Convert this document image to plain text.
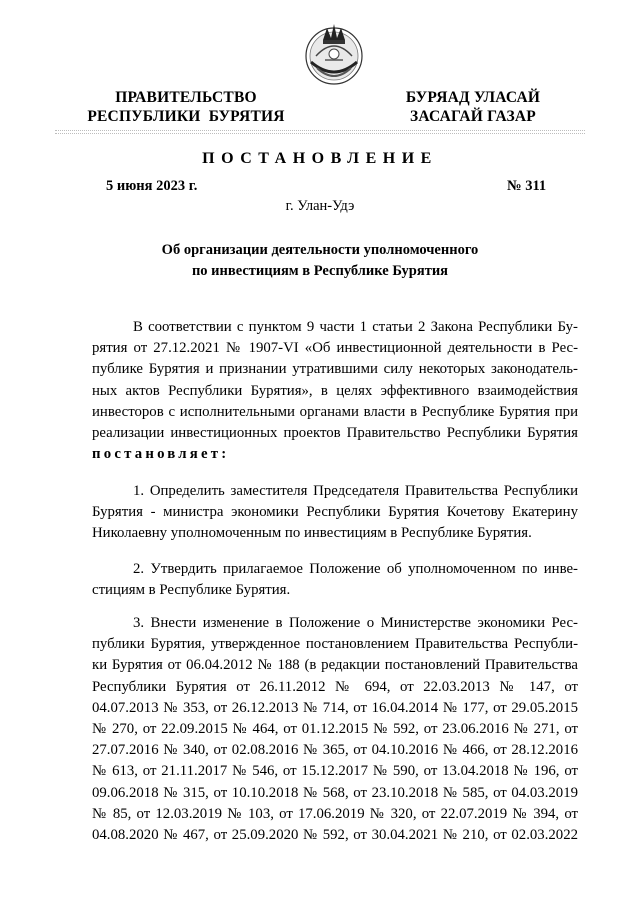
ПРАВИТЕЛЬСТВО
РЕСПУБЛИКИ  БУРЯТИЯ
БУРЯАД УЛАСАЙ
ЗАСАГАЙ ГАЗАР
ПОСТАНОВЛЕНИЕ
5 июня 2023 г.	№ 311
г. Улан-Удэ
Об организации деятельности уполномоченного
по инвестициям в Республике Бурятия
В соответствии с пунктом 9 части 1 статьи 2 Закона Республики Бу-
рятия от 27.12.2021 № 1907-VI «Об инвестиционной деятельности в Рес-
публике Бурятия и признании утратившими силу некоторых законодатель-
ных актов Республики Бурятия», в целях эффективного взаимодействия
инвесторов с исполнительными органами власти в Республике Бурятия при
реализации инвестиционных проектов Правительство Республики Бурятия
постановляет:
1. Определить заместителя Председателя Правительства Республики
Бурятия - министра экономики Республики Бурятия Кочетову Екатерину
Николаевну уполномоченным по инвестициям в Республике Бурятия.
2. Утвердить прилагаемое Положение об уполномоченном по инве-
стициям в Республике Бурятия.
3. Внести изменение в Положение о Министерстве экономики Рес-
публики Бурятия, утвержденное постановлением Правительства Республи-
ки Бурятия от 06.04.2012 № 188 (в редакции постановлений Правительства
Республики Бурятия от 26.11.2012 № 694, от 22.03.2013 № 147, от
04.07.2013 № 353, от 26.12.2013 № 714, от 16.04.2014 № 177, от 29.05.2015
№ 270, от 22.09.2015 № 464, от 01.12.2015 № 592, от 23.06.2016 № 271, от
27.07.2016 № 340, от 02.08.2016 № 365, от 04.10.2016 № 466, от 28.12.2016
№ 613, от 21.11.2017 № 546, от 15.12.2017 № 590, от 13.04.2018 № 196, от
09.06.2018 № 315, от 10.10.2018 № 568, от 23.10.2018 № 585, от 04.03.2019
№ 85, от 12.03.2019 № 103, от 17.06.2019 № 320, от 22.07.2019 № 394, от
04.08.2020 № 467, от 25.09.2020 № 592, от 30.04.2021 № 210, от 02.03.2022
